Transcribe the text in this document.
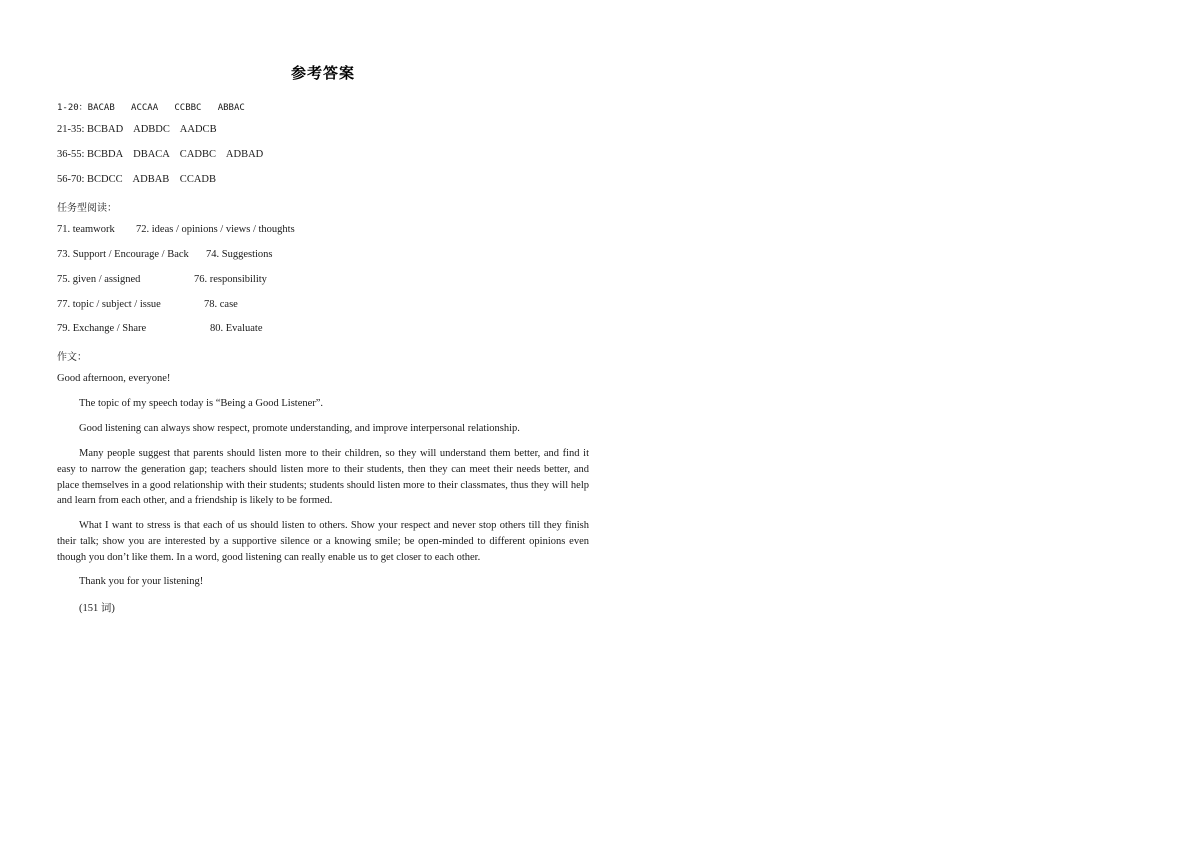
参考答案
1-20：BACAB   ACCAA   CCBBC   ABBAC
21-35: BCBAD    ADBDC    AADCB
36-55: BCBDA    DBACA    CADBC    ADBAD
56-70: BCDCC    ADBAB    CCADB
任务型阅读：
71. teamwork 72. ideas / opinions / views / thoughts
73. Support / Encourage / Back 74. Suggestions
75. given / assigned	76. responsibility
77. topic / subject / issue	78. case
79. Exchange / Share	80. Evaluate
作文：
Good afternoon, everyone!
The topic of my speech today is “Being a Good Listener”.
Good listening can always show respect, promote understanding, and improve interpersonal relationship.
Many people suggest that parents should listen more to their children, so they will understand them better, and find it easy to narrow the generation gap; teachers should listen more to their students, then they can meet their needs better, and place themselves in a good relationship with their students; students should listen more to their classmates, thus they will help and learn from each other, and a friendship is likely to be formed.
What I want to stress is that each of us should listen to others. Show your respect and never stop others till they finish their talk; show you are interested by a supportive silence or a knowing smile; be open-minded to different opinions even though you don’t like them. In a word, good listening can really enable us to get closer to each other.
Thank you for your listening!
(151 词)
